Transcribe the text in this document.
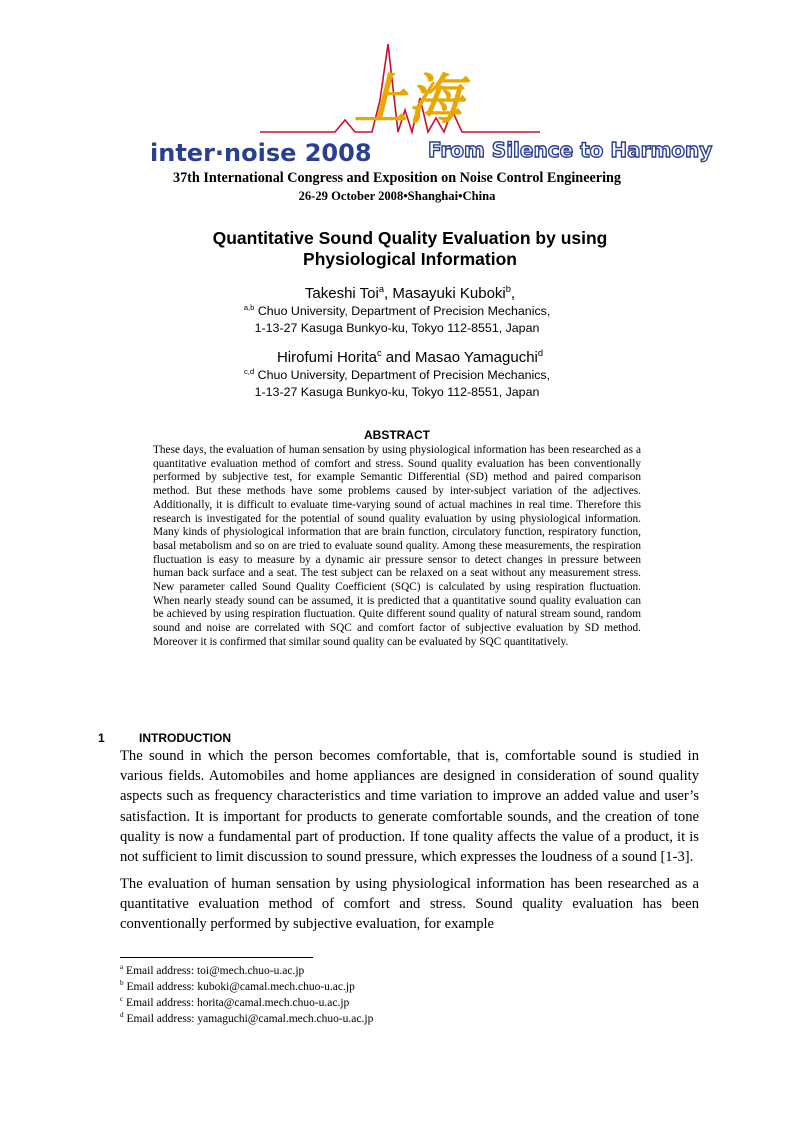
上海
inter·noise 2008	From Silence to Harmony
37th International Congress and Exposition on Noise Control Engineering
26-29 October 2008•Shanghai•China
Quantitative Sound Quality Evaluation by using
Physiological Information
Takeshi Toi$^a$, Masayuki Kuboki$^b$,
$^{a,b}$ Chuo University, Department of Precision Mechanics,
1-13-27 Kasuga Bunkyo-ku, Tokyo 112-8551, Japan
Hirofumi Horita$^c$ and Masao Yamaguchi$^d$
$^{c,d}$ Chuo University, Department of Precision Mechanics,
1-13-27 Kasuga Bunkyo-ku, Tokyo 112-8551, Japan
ABSTRACT
These days, the evaluation of human sensation by using physiological information has been researched as a quantitative evaluation method of comfort and stress. Sound quality evaluation has been conventionally performed by subjective test, for example Semantic Differential (SD) method and paired comparison method. But these methods have some problems caused by inter-subject variation of the adjectives. Additionally, it is difficult to evaluate time-varying sound of actual machines in real time. Therefore this research is investigated for the potential of sound quality evaluation by using physiological information. Many kinds of physiological information that are brain function, circulatory function, respiratory function, basal metabolism and so on are tried to evaluate sound quality. Among these measurements, the respiration fluctuation is easy to measure by a dynamic air pressure sensor to detect changes in pressure between human back surface and a seat. The test subject can be relaxed on a seat without any measurement stress. New parameter called Sound Quality Coefficient (SQC) is calculated by using respiration fluctuation. When nearly steady sound can be assumed, it is predicted that a quantitative sound quality evaluation can be achieved by using respiration fluctuation. Quite different sound quality of natural stream sound, random sound and noise are correlated with SQC and comfort factor of subjective evaluation by SD method. Moreover it is confirmed that similar sound quality can be evaluated by SQC quantitatively.
1	INTRODUCTION
The sound in which the person becomes comfortable, that is, comfortable sound is studied in various fields. Automobiles and home appliances are designed in consideration of sound quality aspects such as frequency characteristics and time variation to improve an added value and user’s satisfaction. It is important for products to generate comfortable sounds, and the creation of tone quality is now a fundamental part of production. If tone quality affects the value of a product, it is not sufficient to limit discussion to sound pressure, which expresses the loudness of a sound [1-3].
The evaluation of human sensation by using physiological information has been researched as a quantitative evaluation method of comfort and stress. Sound quality evaluation has been conventionally performed by subjective evaluation, for example
$^a$ Email address: toi@mech.chuo-u.ac.jp
$^b$ Email address: kuboki@camal.mech.chuo-u.ac.jp
$^c$ Email address: horita@camal.mech.chuo-u.ac.jp
$^d$ Email address: yamaguchi@camal.mech.chuo-u.ac.jp
